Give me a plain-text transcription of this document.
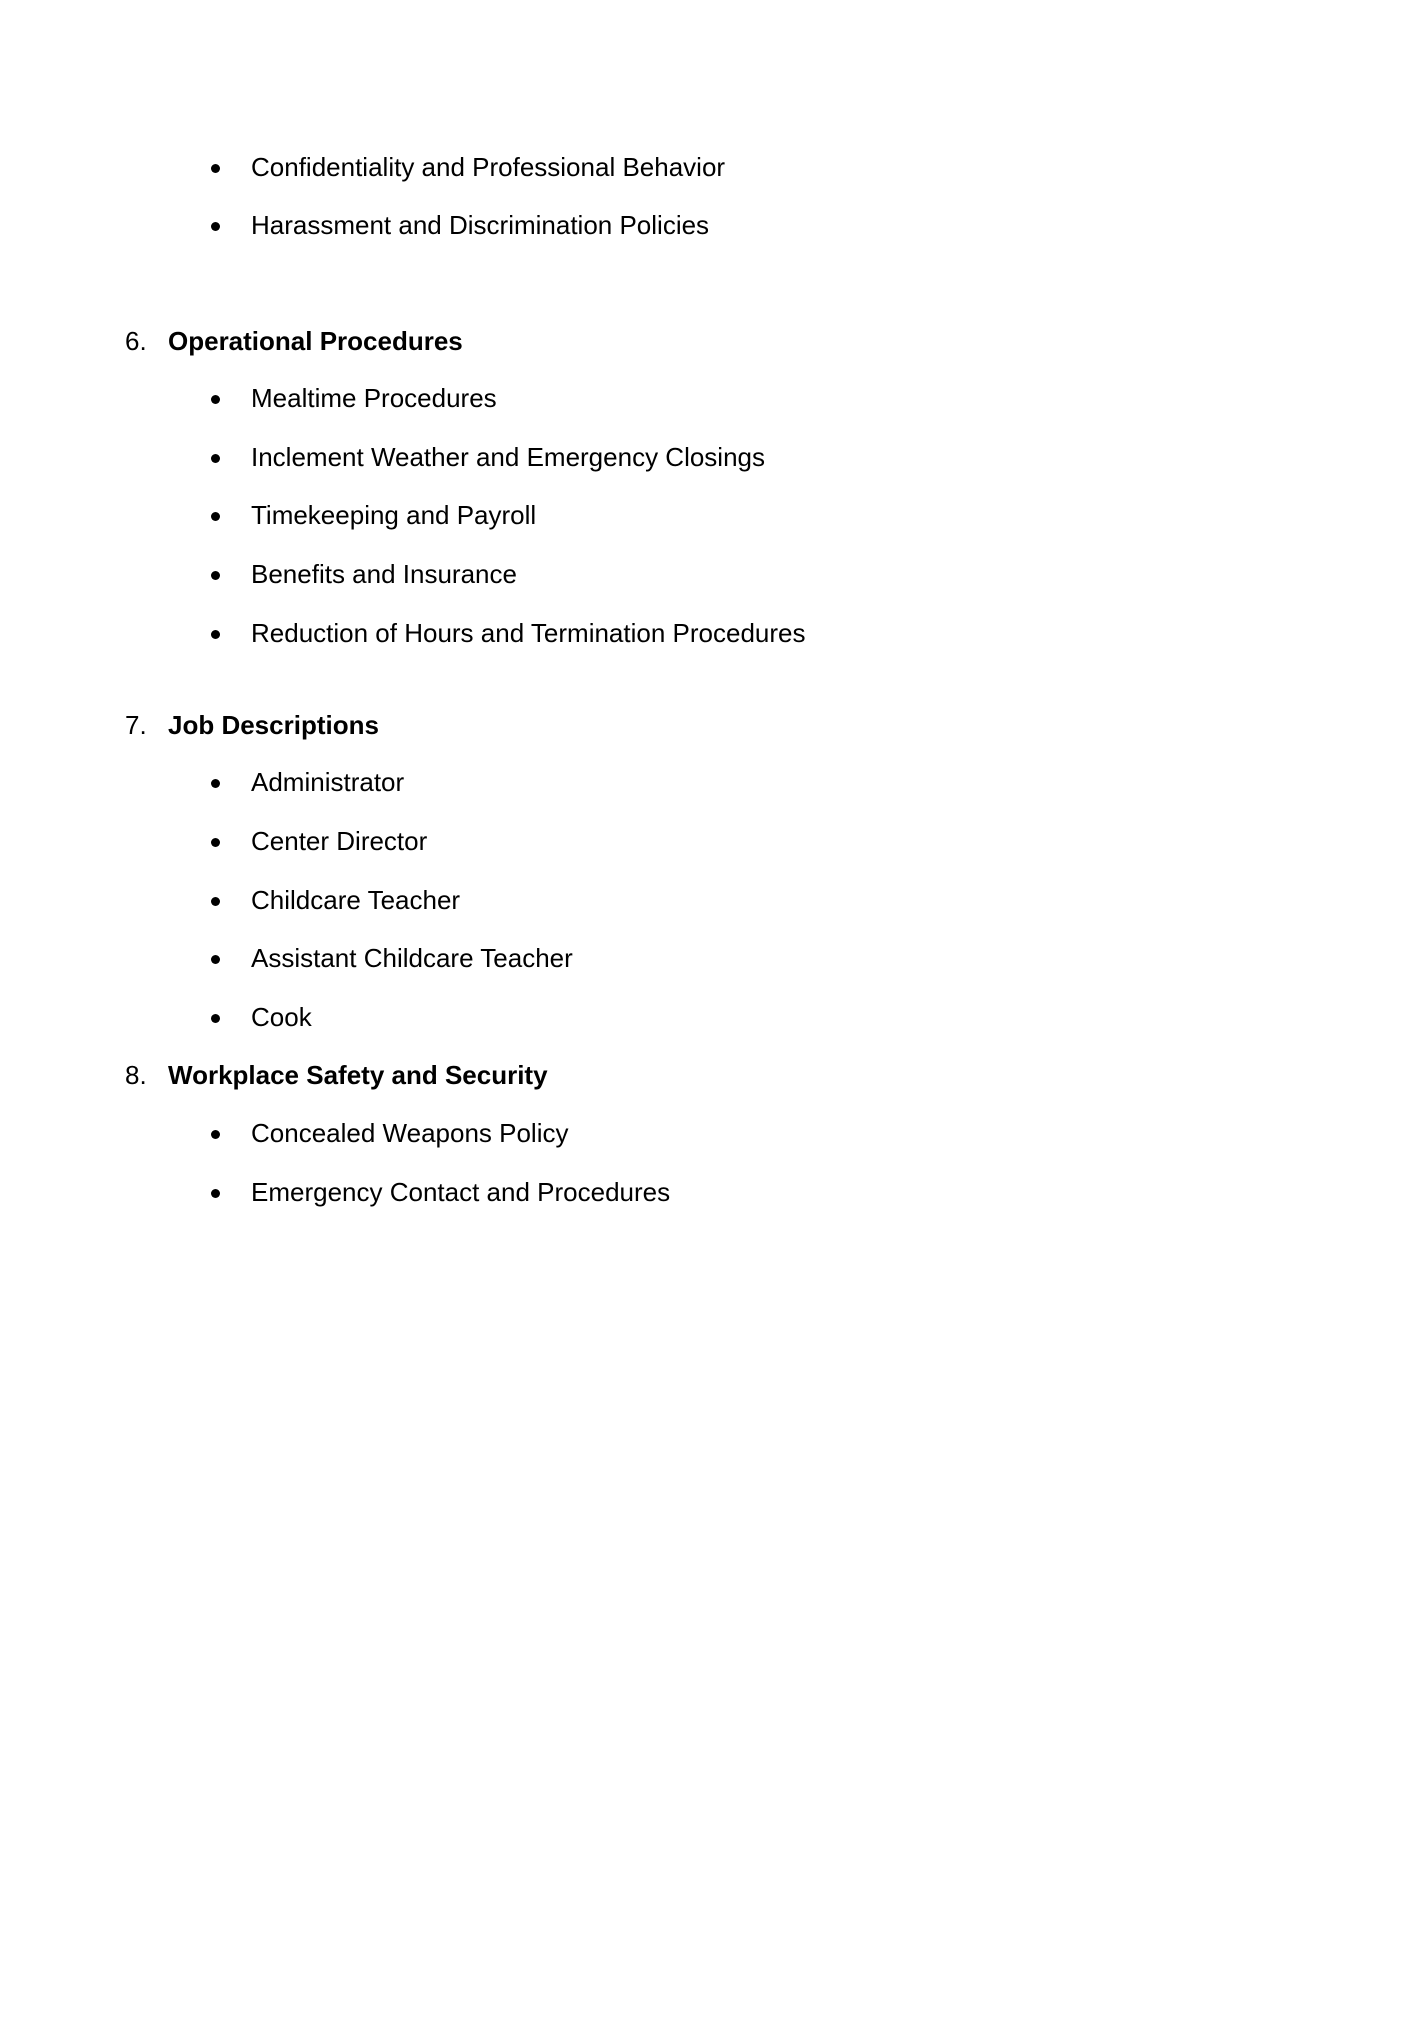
Confidentiality and Professional Behavior
Harassment and Discrimination Policies
6. Operational Procedures
Mealtime Procedures
Inclement Weather and Emergency Closings
Timekeeping and Payroll
Benefits and Insurance
Reduction of Hours and Termination Procedures
7. Job Descriptions
Administrator
Center Director
Childcare Teacher
Assistant Childcare Teacher
Cook
8. Workplace Safety and Security
Concealed Weapons Policy
Emergency Contact and Procedures
